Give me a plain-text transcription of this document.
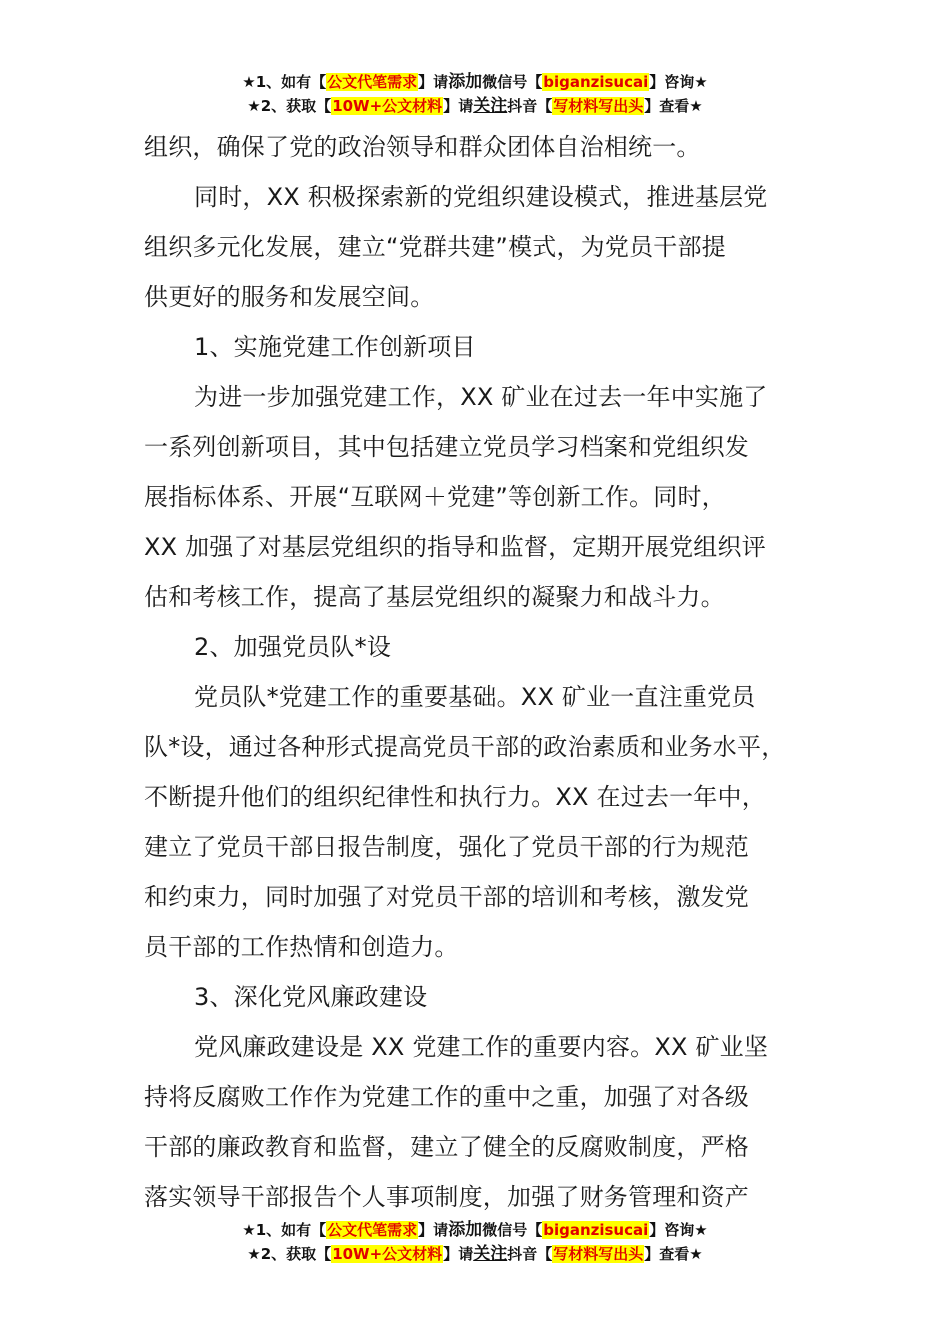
★1、如有【公文代笔需求】请添加微信号【biganzisucai】咨询★
★2、获取【10W+公文材料】请关注抖音【写材料写出头】查看★

组织，确保了党的政治领导和群众团体自治相统一。

同时，XX 积极探索新的党组织建设模式，推进基层党

组织多元化发展，建立“党群共建”模式，为党员干部提

供更好的服务和发展空间。

1、实施党建工作创新项目

为进一步加强党建工作，XX 矿业在过去一年中实施了

一系列创新项目，其中包括建立党员学习档案和党组织发

展指标体系、开展“互联网＋党建”等创新工作。同时，

XX 加强了对基层党组织的指导和监督，定期开展党组织评

估和考核工作，提高了基层党组织的凝聚力和战斗力。

2、加强党员队*设

党员队*党建工作的重要基础。XX 矿业一直注重党员

队*设，通过各种形式提高党员干部的政治素质和业务水平，

不断提升他们的组织纪律性和执行力。XX 在过去一年中，

建立了党员干部日报告制度，强化了党员干部的行为规范

和约束力，同时加强了对党员干部的培训和考核，激发党

员干部的工作热情和创造力。

3、深化党风廉政建设

党风廉政建设是 XX 党建工作的重要内容。XX 矿业坚

持将反腐败工作作为党建工作的重中之重，加强了对各级

干部的廉政教育和监督，建立了健全的反腐败制度，严格

落实领导干部报告个人事项制度，加强了财务管理和资产

★1、如有【公文代笔需求】请添加微信号【biganzisucai】咨询★
★2、获取【10W+公文材料】请关注抖音【写材料写出头】查看★
